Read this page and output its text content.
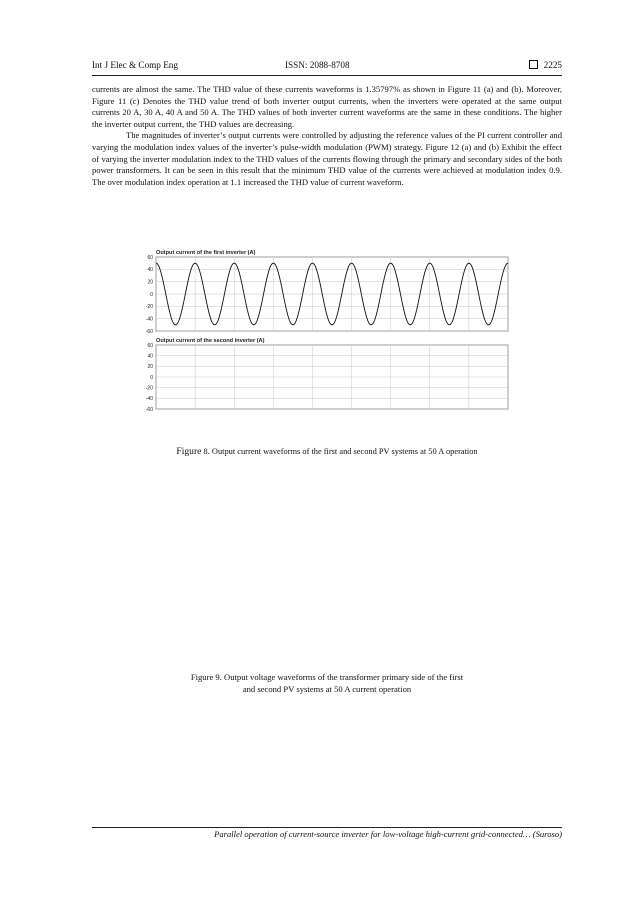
Int J Elec & Comp Eng	ISSN: 2088-8708	2225

currents are almost the same. The THD value of these currents waveforms is 1.35797% as shown in Figure 11 (a) and (b). Moreover, Figure 11 (c) Denotes the THD value trend of both inverter output currents, when the inverters were operated at the same output currents 20 A, 30 A, 40 A and 50 A. The THD values of both inverter current waveforms are the same in these conditions. The higher the inverter output current, the THD values are decreasing.

The magnitudes of inverter’s output currents were controlled by adjusting the reference values of the PI current controller and varying the modulation index values of the inverter’s pulse-width modulation (PWM) strategy. Figure 12 (a) and (b) Exhibit the effect of varying the inverter modulation index to the THD values of the currents flowing through the primary and secondary sides of the both power transformers. It can be seen in this result that the minimum THD value of the currents were achieved at modulation index 0.9. The over modulation index operation at 1.1 increased the THD value of current waveform.

Output current of the first inverter (A)
60
40
20
0
-20
-40
-60
Output current of the second inverter (A)
60
40
20
0
-20
-40
-60
Figure 8. Output current waveforms of the first and second PV systems at 50 A operation
Figure 9. Output voltage waveforms of the transformer primary side of the first
and second PV systems at 50 A current operation
Parallel operation of current-source inverter for low-voltage high-current grid-connected… (Suroso)
